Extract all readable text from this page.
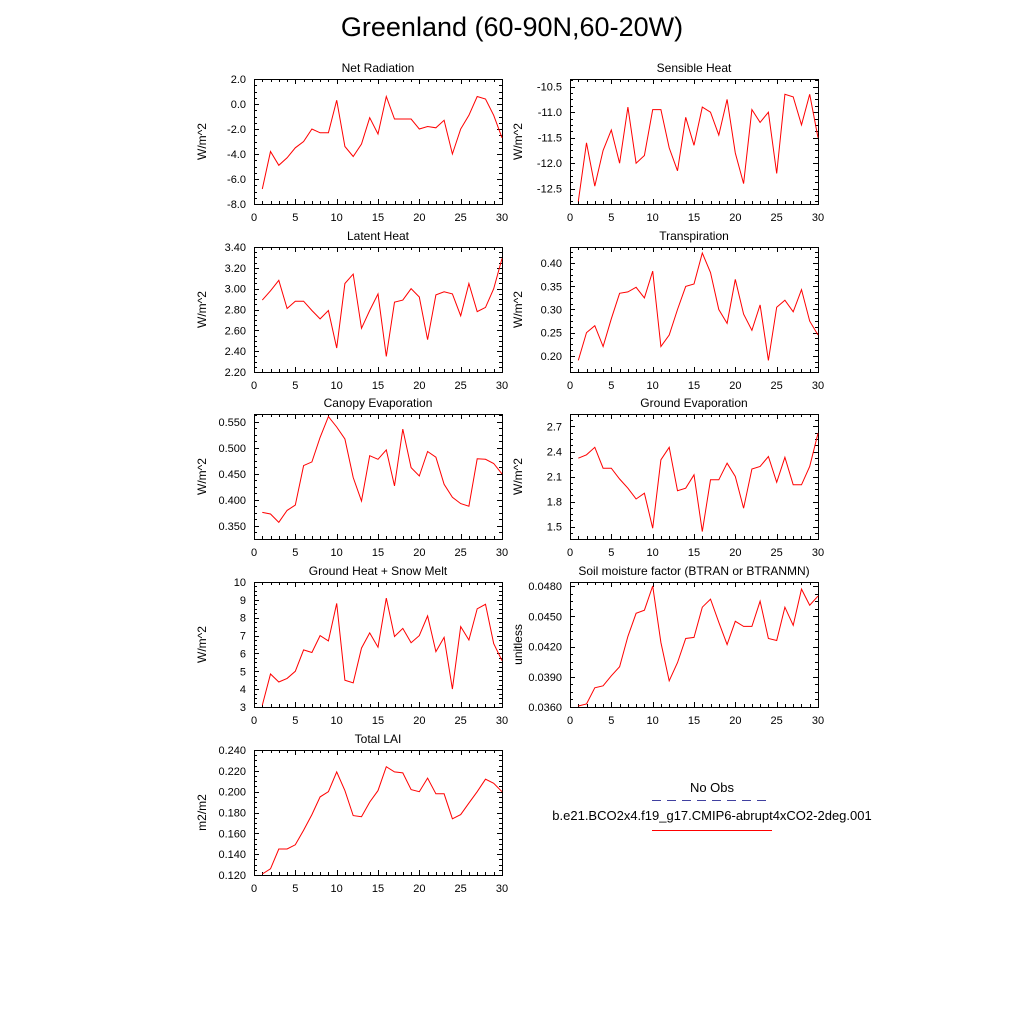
Greenland (60-90N,60-20W)
No Obs
b.e21.BCO2x4.f19_g17.CMIP6-abrupt4xCO2-2deg.001
Net Radiation
W/m^2
0	5	10	15	20	25	30
-8.0
-6.0
-4.0
-2.0
0.0
2.0
Sensible Heat
W/m^2
0	5	10	15	20	25	30
-12.5
-12.0
-11.5
-11.0
-10.5
Latent Heat
W/m^2
0	5	10	15	20	25	30
2.20
2.40
2.60
2.80
3.00
3.20
3.40
Transpiration
W/m^2
0	5	10	15	20	25	30
0.20
0.25
0.30
0.35
0.40
Canopy Evaporation
W/m^2
0	5	10	15	20	25	30
0.350
0.400
0.450
0.500
0.550
Ground Evaporation
W/m^2
0	5	10	15	20	25	30
1.5
1.8
2.1
2.4
2.7
Ground Heat + Snow Melt
W/m^2
0	5	10	15	20	25	30
3
4
5
6
7
8
9
10
Soil moisture factor (BTRAN or BTRANMN)
unitless
0	5	10	15	20	25	30
0.0360
0.0390
0.0420
0.0450
0.0480
Total LAI
m2/m2
0	5	10	15	20	25	30
0.120
0.140
0.160
0.180
0.200
0.220
0.240
